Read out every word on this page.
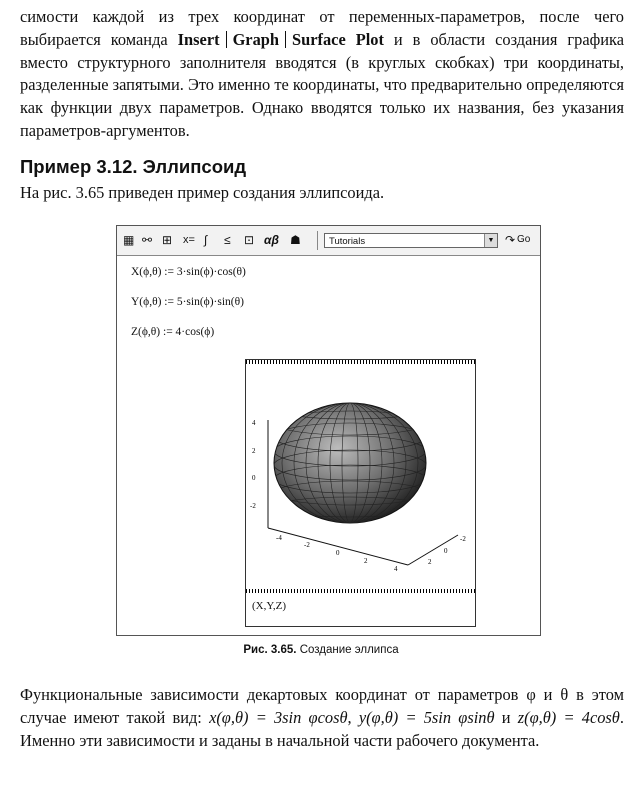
симости каждой из трех координат от переменных-параметров, после чего выбирается команда Insert Graph Surface Plot и в области создания графика вместо структурного заполнителя вводятся (в круглых скобках) три координаты, разделенные запятыми. Это именно те координаты, что предварительно определяются как функции двух параметров. Однако вводятся только их названия, без указания параметров-аргументов.
Пример 3.12. Эллипсоид
На рис. 3.65 приведен пример создания эллипсоида.
▦ ⚯ ⊞ x= ∫ ≤ ⊡ αβ ☗	Tutorials	▼ ↷ Go
X(ϕ,θ) := 3·sin(ϕ)·cos(θ)
Y(ϕ,θ) := 5·sin(ϕ)·sin(θ)
Z(ϕ,θ) := 4·cos(ϕ)
4
2
0
-2
-4
-2
0
2
4
-2
0
2
(X,Y,Z)
Рис. 3.65. Создание эллипса
Функциональные зависимости декартовых координат от параметров φ и θ в этом случае имеют такой вид: x(φ,θ) = 3sin φcosθ, y(φ,θ) = 5sin φsinθ и z(φ,θ) = 4cosθ. Именно эти зависимости и заданы в начальной части рабочего документа.
